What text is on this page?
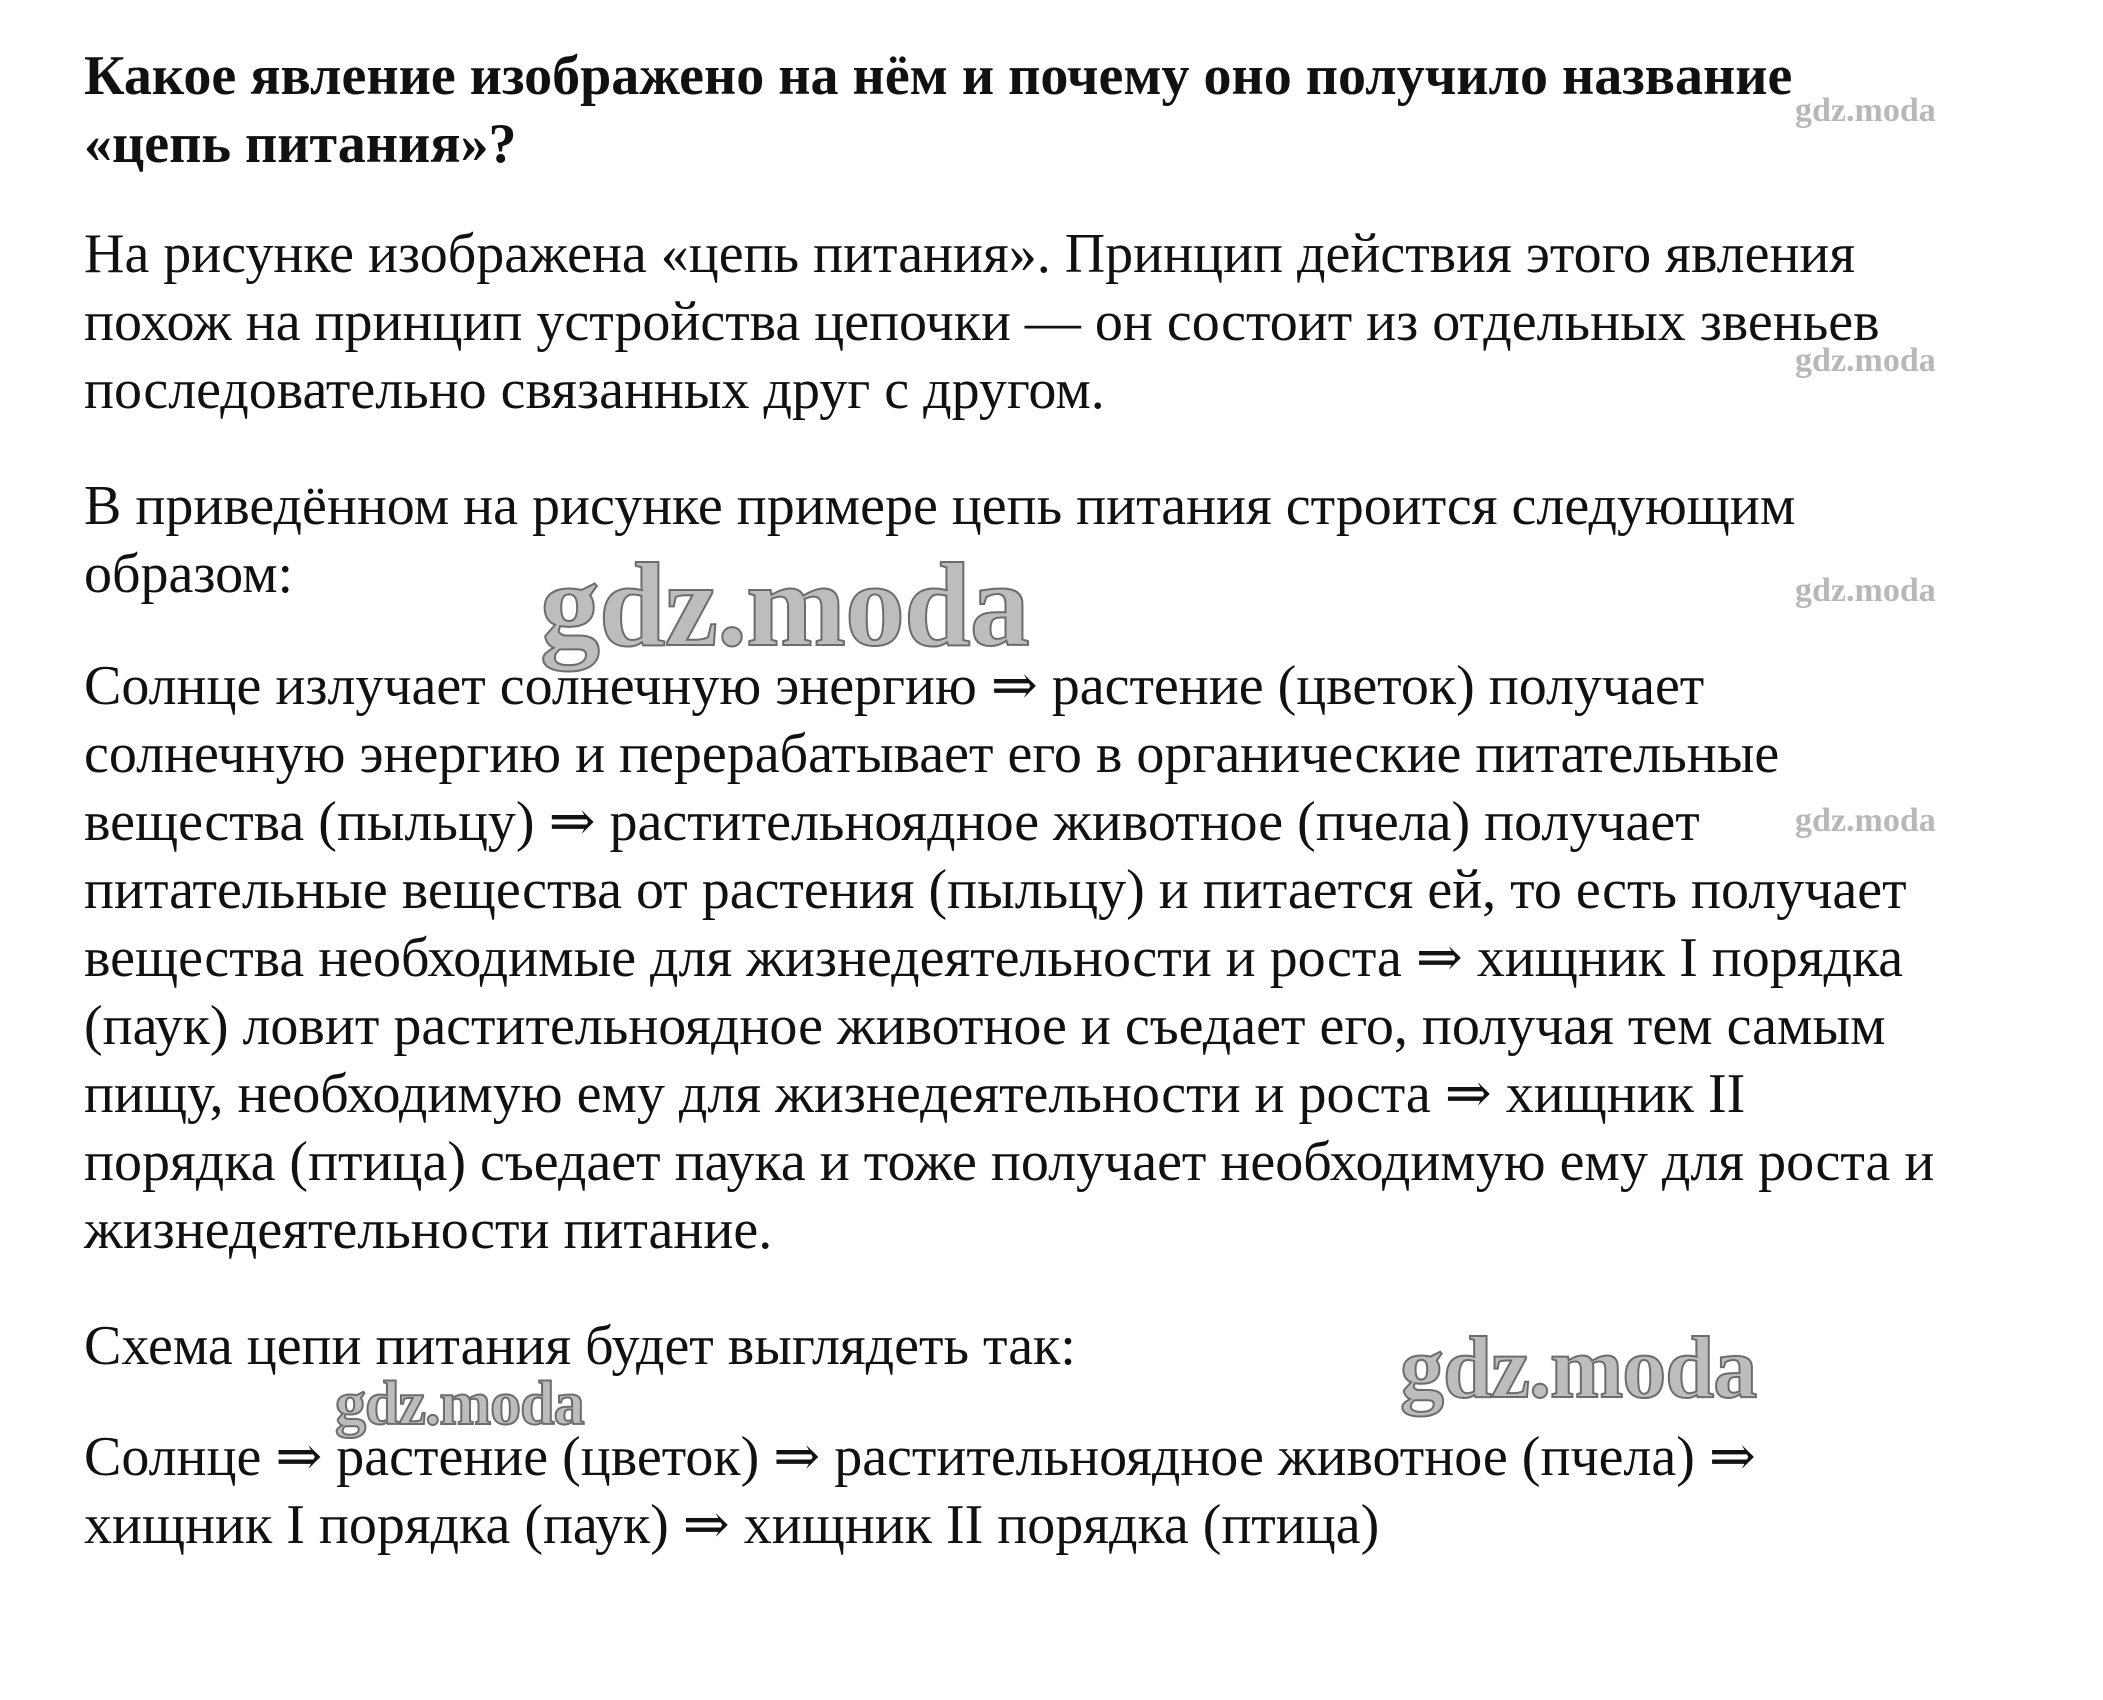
Какое явление изображено на нём и почему оно получило название
«цепь питания»?

На рисунке изображена «цепь питания». Принцип действия этого явления
похож на принцип устройства цепочки — он состоит из отдельных звеньев
последовательно связанных друг с другом.

В приведённом на рисунке примере цепь питания строится следующим
образом:

Солнце излучает солнечную энергию ⇒ растение (цветок) получает
солнечную энергию и перерабатывает его в органические питательные
вещества (пыльцу) ⇒ растительноядное животное (пчела) получает
питательные вещества от растения (пыльцу) и питается ей, то есть получает
вещества необходимые для жизнедеятельности и роста ⇒ хищник I порядка
(паук) ловит растительноядное животное и съедает его, получая тем самым
пищу, необходимую ему для жизнедеятельности и роста ⇒ хищник II
порядка (птица) съедает паука и тоже получает необходимую ему для роста и
жизнедеятельности питание.

Схема цепи питания будет выглядеть так:

Солнце ⇒ растение (цветок) ⇒ растительноядное животное (пчела) ⇒
хищник I порядка (паук) ⇒ хищник II порядка (птица)

gdz.moda
gdz.moda
gdz.moda
gdz.moda
gdz.moda
gdz.moda
gdz.moda
